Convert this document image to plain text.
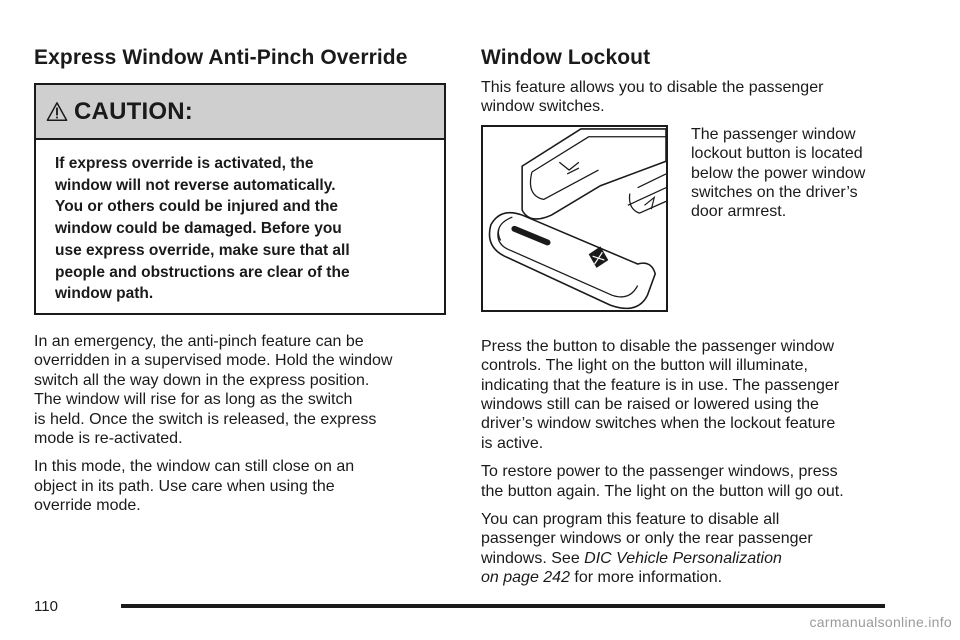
Express Window Anti-Pinch Override
CAUTION:
If express override is activated, the
window will not reverse automatically.
You or others could be injured and the
window could be damaged. Before you
use express override, make sure that all
people and obstructions are clear of the
window path.

In an emergency, the anti-pinch feature can be
overridden in a supervised mode. Hold the window
switch all the way down in the express position.
The window will rise for as long as the switch
is held. Once the switch is released, the express
mode is re-activated.

In this mode, the window can still close on an
object in its path. Use care when using the
override mode.

Window Lockout

This feature allows you to disable the passenger
window switches.

The passenger window
lockout button is located
below the power window
switches on the driver’s
door armrest.

Press the button to disable the passenger window
controls. The light on the button will illuminate,
indicating that the feature is in use. The passenger
windows still can be raised or lowered using the
driver’s window switches when the lockout feature
is active.

To restore power to the passenger windows, press
the button again. The light on the button will go out.

You can program this feature to disable all
passenger windows or only the rear passenger
windows. See DIC Vehicle Personalization
on page 242 for more information.

110
carmanualsonline.info
